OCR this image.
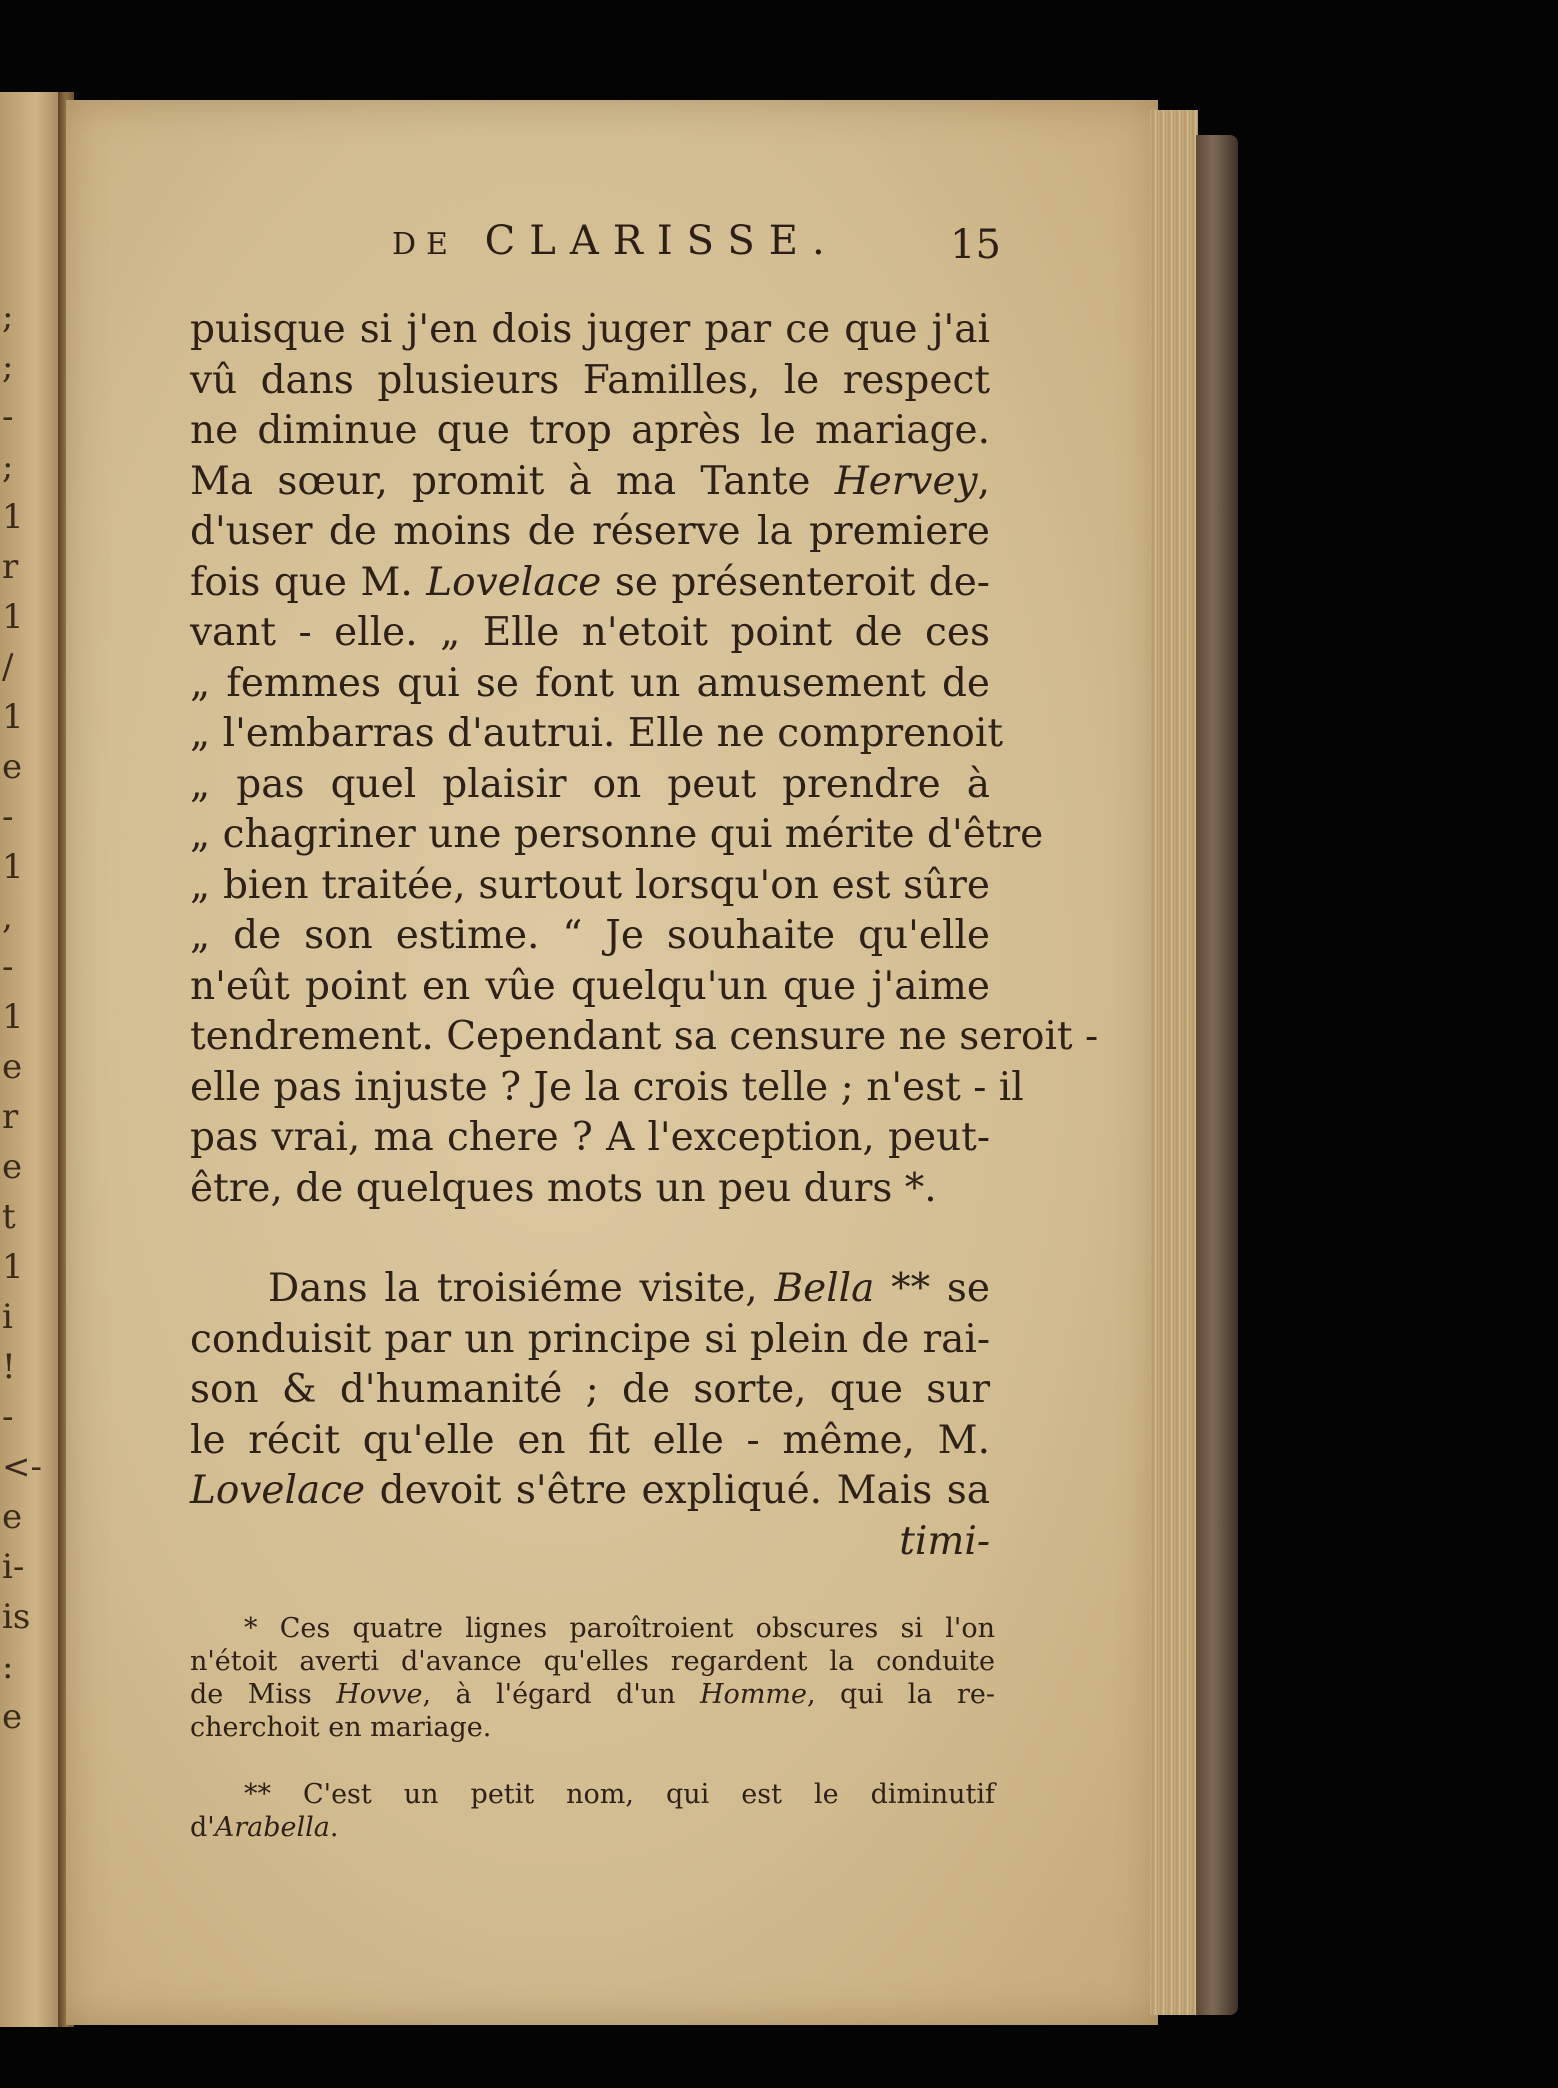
;
;
-
;
1
r
1
/
1
e
-
1
,
-
1
e
r
e
t
1
i
!
-
<-
e
i-
is
:
e
DE CLARISSE.	15
puisque si j'en dois juger par ce que j'ai
vû dans plusieurs Familles, le respect
ne diminue que trop après le mariage.
Ma sœur, promit à ma Tante Hervey,
d'user de moins de réserve la premiere
fois que M. Lovelace se présenteroit de-
vant - elle. „ Elle n'etoit point de ces
„ femmes qui se font un amusement de
„ l'embarras d'autrui. Elle ne comprenoit
„ pas quel plaisir on peut prendre à
„ chagriner une personne qui mérite d'être
„ bien traitée, surtout lorsqu'on est sûre
„ de son estime. “ Je souhaite qu'elle
n'eût point en vûe quelqu'un que j'aime
tendrement. Cependant sa censure ne seroit -
elle pas injuste ? Je la crois telle ; n'est - il
pas vrai, ma chere ? A l'exception, peut-
être, de quelques mots un peu durs *.
Dans la troisiéme visite, Bella ** se
conduisit par un principe si plein de rai-
son & d'humanité ; de sorte, que sur
le récit qu'elle en fit elle - même, M.
Lovelace devoit s'être expliqué. Mais sa
timi-
* Ces quatre lignes paroîtroient obscures si l'on
n'étoit averti d'avance qu'elles regardent la conduite
de Miss Hovve, à l'égard d'un Homme, qui la re-
cherchoit en mariage.
** C'est un petit nom, qui est le diminutif
d'Arabella.
